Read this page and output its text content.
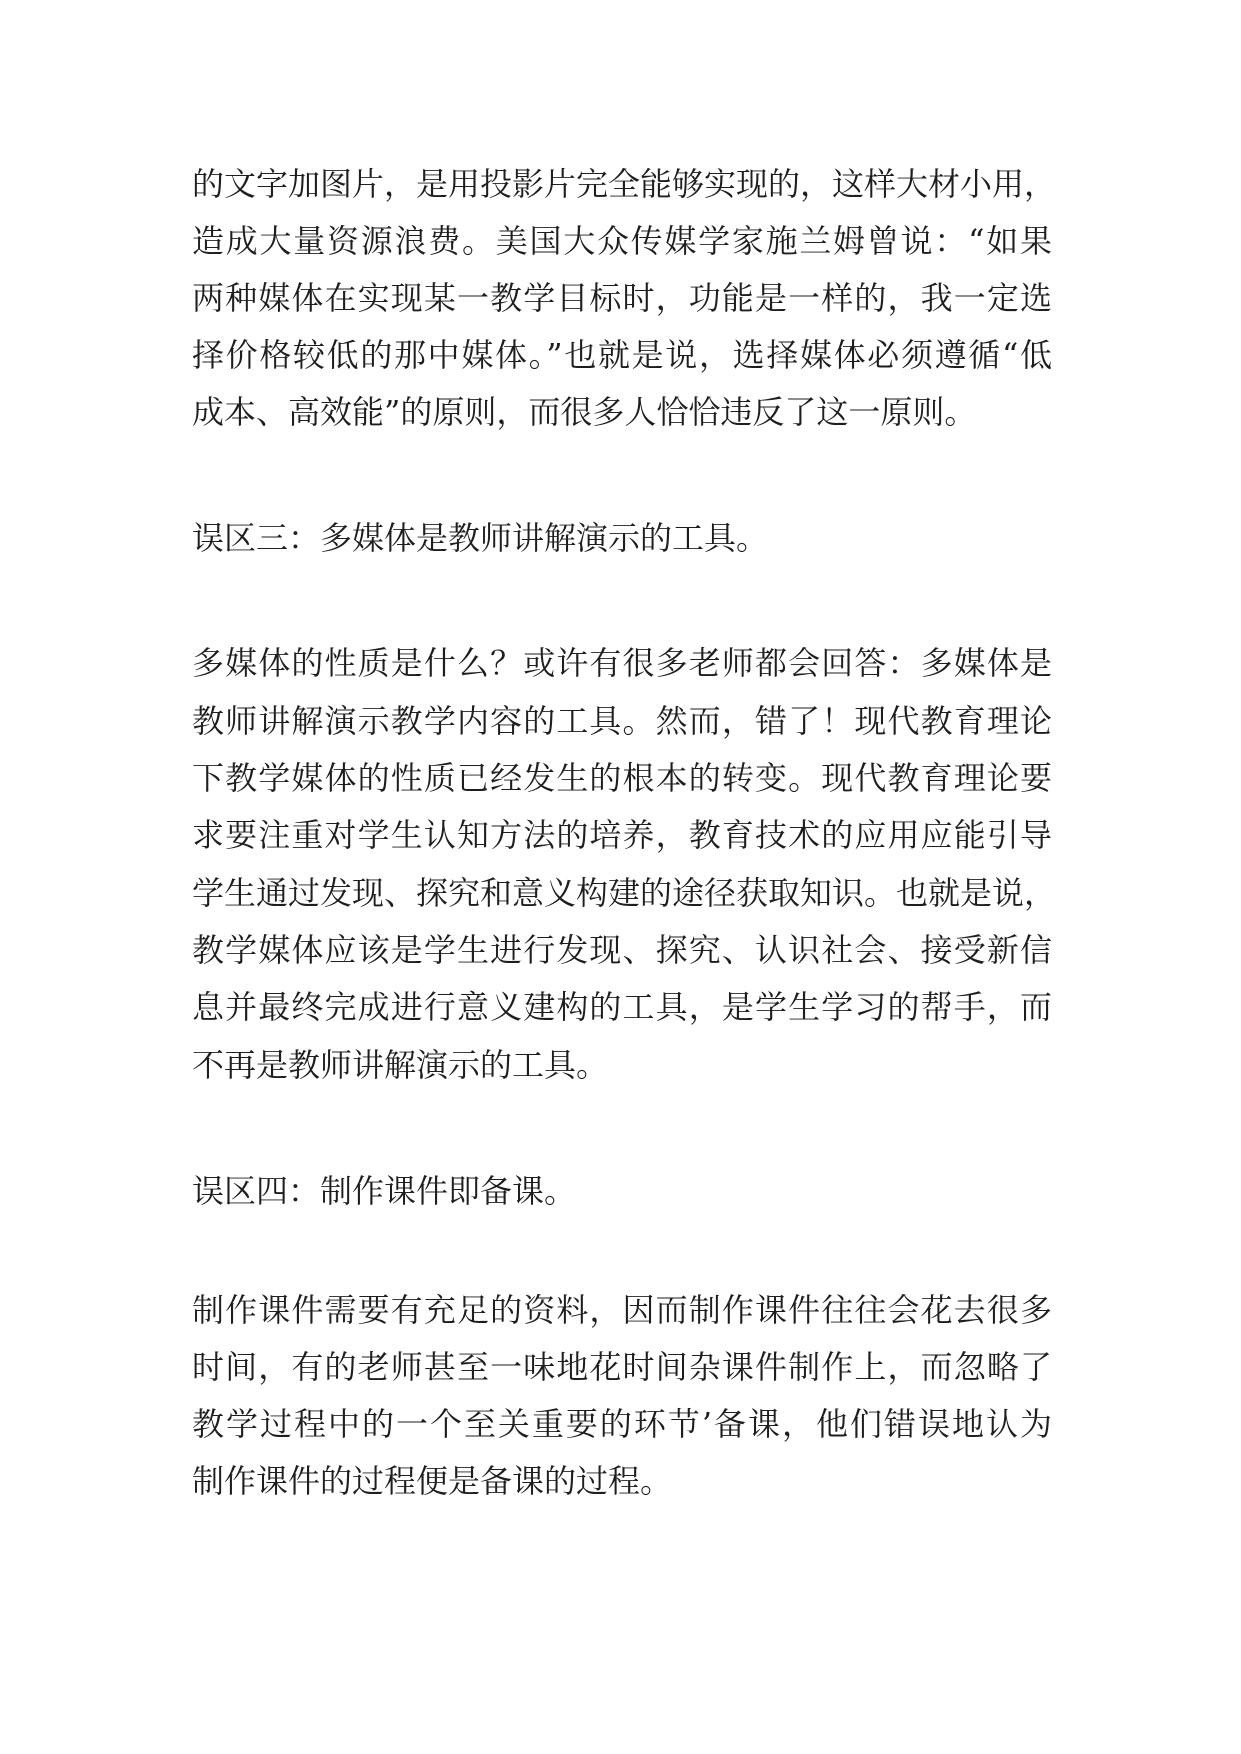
的文字加图片，是用投影片完全能够实现的，这样大材小用，

造成大量资源浪费。美国大众传媒学家施兰姆曾说：“如果

两种媒体在实现某一教学目标时，功能是一样的，我一定选

择价格较低的那中媒体。”也就是说，选择媒体必须遵循“低

成本、高效能”的原则，而很多人恰恰违反了这一原则。

误区三：多媒体是教师讲解演示的工具。

多媒体的性质是什么？或许有很多老师都会回答：多媒体是

教师讲解演示教学内容的工具。然而，错了！现代教育理论

下教学媒体的性质已经发生的根本的转变。现代教育理论要

求要注重对学生认知方法的培养，教育技术的应用应能引导

学生通过发现、探究和意义构建的途径获取知识。也就是说，

教学媒体应该是学生进行发现、探究、认识社会、接受新信

息并最终完成进行意义建构的工具，是学生学习的帮手，而

不再是教师讲解演示的工具。

误区四：制作课件即备课。

制作课件需要有充足的资料，因而制作课件往往会花去很多

时间，有的老师甚至一味地花时间杂课件制作上，而忽略了

教学过程中的一个至关重要的环节’备课，他们错误地认为

制作课件的过程便是备课的过程。
